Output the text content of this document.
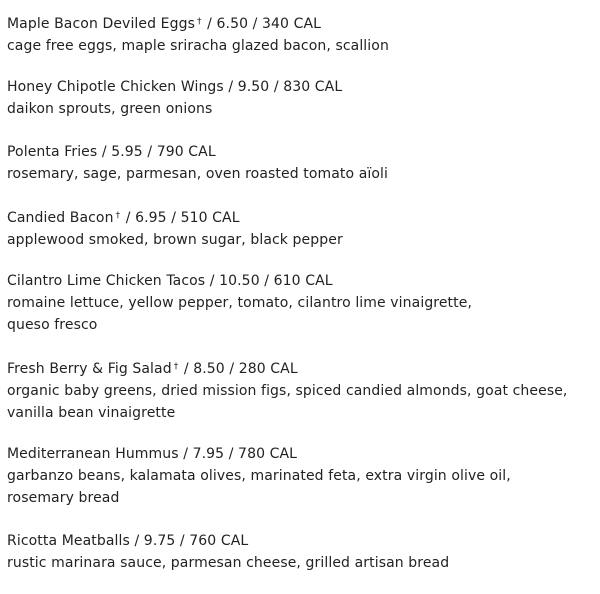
Maple Bacon Deviled Eggs † / 6.50 / 340 CAL
cage free eggs, maple sriracha glazed bacon, scallion
Honey Chipotle Chicken Wings / 9.50 / 830 CAL
daikon sprouts, green onions
Polenta Fries / 5.95 / 790 CAL
rosemary, sage, parmesan, oven roasted tomato aïoli
Candied Bacon † / 6.95 / 510 CAL
applewood smoked, brown sugar, black pepper
Cilantro Lime Chicken Tacos / 10.50 / 610 CAL
romaine lettuce, yellow pepper, tomato, cilantro lime vinaigrette,
queso fresco
Fresh Berry & Fig Salad † / 8.50 / 280 CAL
organic baby greens, dried mission figs, spiced candied almonds, goat cheese,
vanilla bean vinaigrette
Mediterranean Hummus / 7.95 / 780 CAL
garbanzo beans, kalamata olives, marinated feta, extra virgin olive oil,
rosemary bread
Ricotta Meatballs / 9.75 / 760 CAL
rustic marinara sauce, parmesan cheese, grilled artisan bread
